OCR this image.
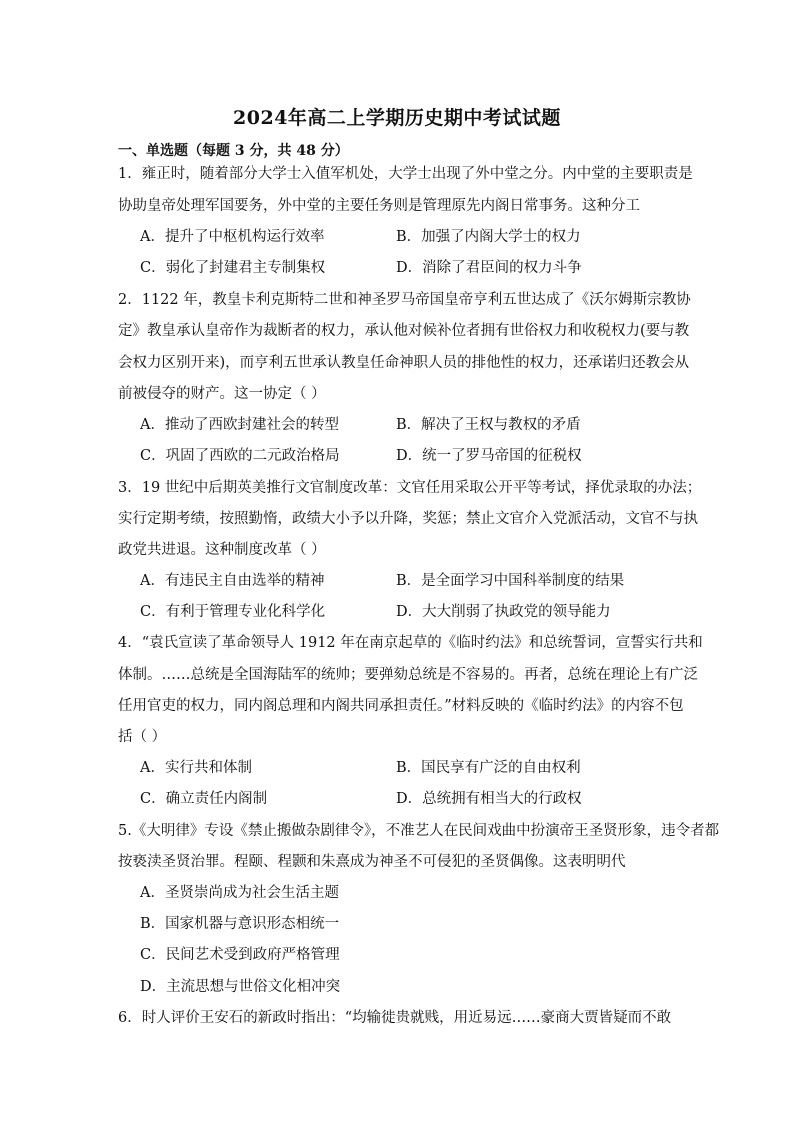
2024年高二上学期历史期中考试试题
一、单选题（每题 3 分，共 48 分）
1．雍正时，随着部分大学士入值军机处，大学士出现了外中堂之分。内中堂的主要职责是
协助皇帝处理军国要务，外中堂的主要任务则是管理原先内阁日常事务。这种分工
A．提升了中枢机构运行效率	B．加强了内阁大学士的权力
C．弱化了封建君主专制集权	D．消除了君臣间的权力斗争
2．1122 年，教皇卡利克斯特二世和神圣罗马帝国皇帝亨利五世达成了《沃尔姆斯宗教协
定》教皇承认皇帝作为裁断者的权力，承认他对候补位者拥有世俗权力和收税权力(要与教
会权力区别开来)，而亨利五世承认教皇任命神职人员的排他性的权力，还承诺归还教会从
前被侵夺的财产。这一协定（ ）
A．推动了西欧封建社会的转型	B．解决了王权与教权的矛盾
C．巩固了西欧的二元政治格局	D．统一了罗马帝国的征税权
3．19 世纪中后期英美推行文官制度改革：文官任用采取公开平等考试，择优录取的办法；
实行定期考绩，按照勤惰，政绩大小予以升降，奖惩；禁止文官介入党派活动，文官不与执
政党共进退。这种制度改革（ ）
A．有违民主自由选举的精神	B．是全面学习中国科举制度的结果
C．有利于管理专业化科学化	D．大大削弱了执政党的领导能力
4．“袁氏宣读了革命领导人 1912 年在南京起草的《临时约法》和总统誓词，宣誓实行共和
体制。……总统是全国海陆军的统帅；要弹劾总统是不容易的。再者，总统在理论上有广泛
任用官吏的权力，同内阁总理和内阁共同承担责任。”材料反映的《临时约法》的内容不包
括（ ）
A．实行共和体制	B．国民享有广泛的自由权利
C．确立责任内阁制	D．总统拥有相当大的行政权
5.《大明律》专设《禁止搬做杂剧律令》，不准艺人在民间戏曲中扮演帝王圣贤形象，违令者都
按亵渎圣贤治罪。程颐、程颢和朱熹成为神圣不可侵犯的圣贤偶像。这表明明代
A．圣贤崇尚成为社会生活主题
B．国家机器与意识形态相统一
C．民间艺术受到政府严格管理
D．主流思想与世俗文化相冲突
6．时人评价王安石的新政时指出：“均输徙贵就贱，用近易远……豪商大贾皆疑而不敢
